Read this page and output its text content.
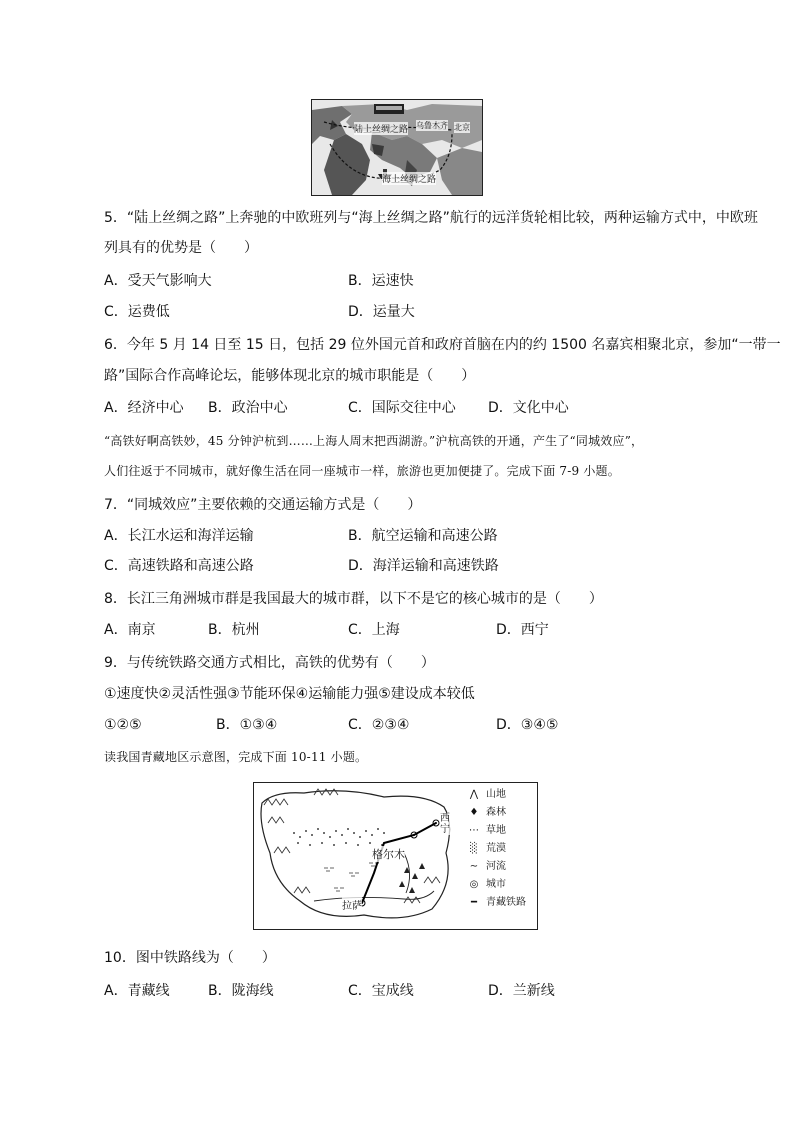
陆上丝绸之路
海上丝绸之路
乌鲁木齐 北京
5．“陆上丝绸之路”上奔驰的中欧班列与“海上丝绸之路”航行的远洋货轮相比较，两种运输方式中，中欧班
列具有的优势是（　　）
A．受天气影响大	B．运速快
C．运费低	D．运量大
6．今年 5 月 14 日至 15 日，包括 29 位外国元首和政府首脑在内的约 1500 名嘉宾相聚北京，参加“一带一
路”国际合作高峰论坛，能够体现北京的城市职能是（　　）
A．经济中心 B．政治中心	C．国际交往中心 D．文化中心
“高铁好啊高铁妙，45 分钟沪杭到……上海人周末把西湖游。”沪杭高铁的开通，产生了“同城效应”，
人们往返于不同城市，就好像生活在同一座城市一样，旅游也更加便捷了。完成下面 7-9 小题。
7．“同城效应”主要依赖的交通运输方式是（　　）
A．长江水运和海洋运输	B．航空运输和高速公路
C．高速铁路和高速公路	D．海洋运输和高速铁路
8．长江三角洲城市群是我国最大的城市群，以下不是它的核心城市的是（　　）
A．南京	B．杭州	C．上海	D．西宁
9．与传统铁路交通方式相比，高铁的优势有（　　）
①速度快②灵活性强③节能环保④运输能力强⑤建设成本较低
①②⑤	B．①③④	C．②③④	D．③④⑤
读我国青藏地区示意图，完成下面 10-11 小题。
西宁
格尔木
拉萨
⋀ 山地
♦ 森林
⋯ 草地
░ 荒漠
∼ 河流
◎ 城市
━ 青藏铁路
10．图中铁路线为（　　）
A．青藏线	B．陇海线	C．宝成线	D．兰新线
